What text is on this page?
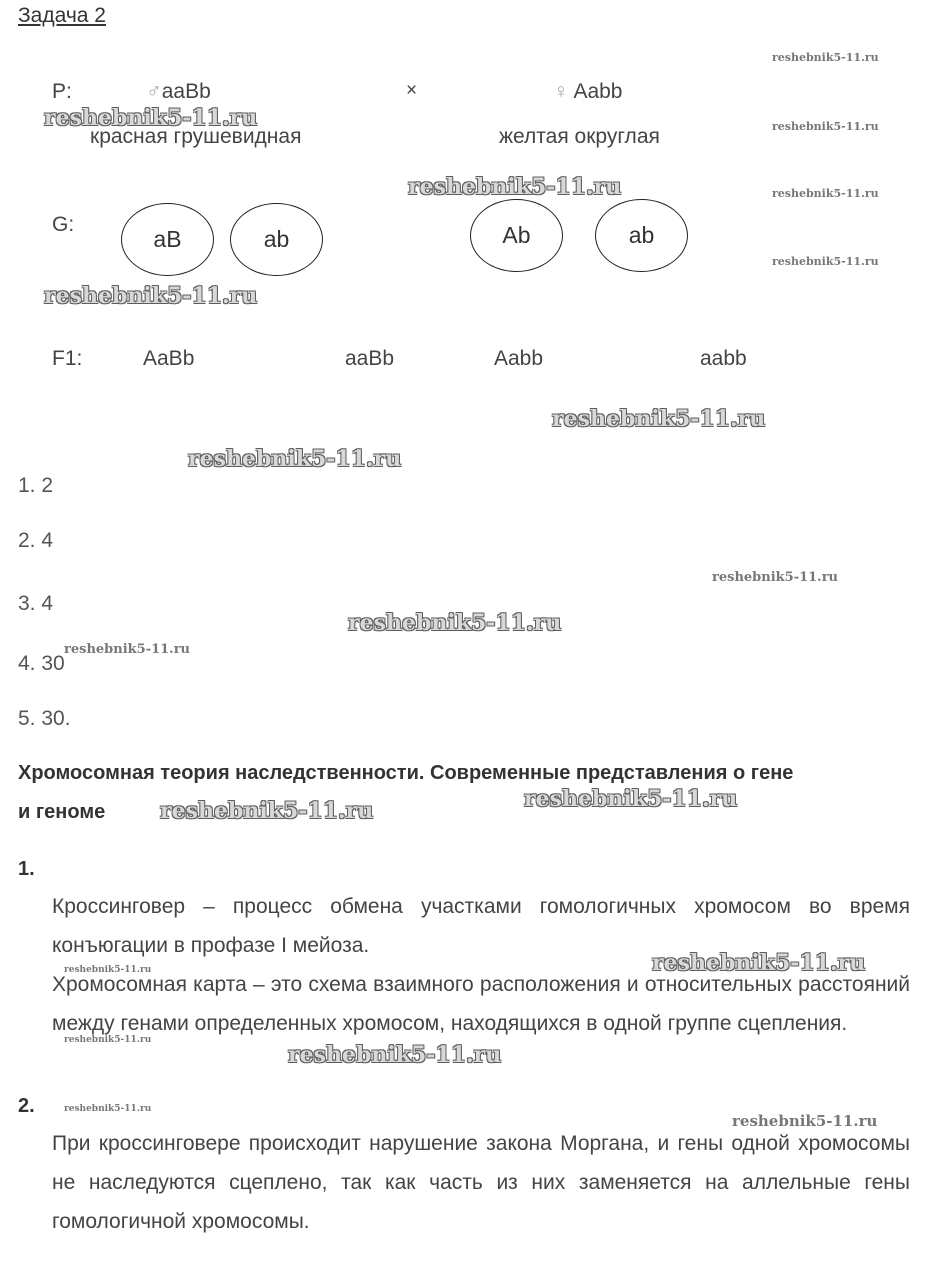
Задача 2
P:	♂aaBb	×	♀ Aabb
красная грушевидная	желтая округлая
G:
aB	ab	Ab	ab
F1:	AaBb	aaBb	Aabb	aabb
1. 2
2. 4
3. 4
4. 30
5. 30.
Хромосомная теория наследственности. Современные представления о гене
и геноме
1.

Кроссинговер – процесс обмена участками гомологичных хромосом во время конъюгации в профазе I мейоза.

Хромосомная карта – это схема взаимного расположения и относительных расстояний между генами определенных хромосом, находящихся в одной группе сцепления.

2.

При кроссинговере происходит нарушение закона Моргана, и гены одной хромосомы не наследуются сцеплено, так как часть из них заменяется на аллельные гены гомологичной хромосомы.

reshebnik5-11.ru
reshebnik5-11.ru
reshebnik5-11.ru
reshebnik5-11.ru
reshebnik5-11.ru
reshebnik5-11.ru
reshebnik5-11.ru
reshebnik5-11.ru
reshebnik5-11.ru
reshebnik5-11.ru
reshebnik5-11.ru
reshebnik5-11.ru
reshebnik5-11.ru	reshebnik5-11.ru
reshebnik5-11.ru	reshebnik5-11.ru
reshebnik5-11.ru
reshebnik5-11.ru
reshebnik5-11.ru
reshebnik5-11.ru
